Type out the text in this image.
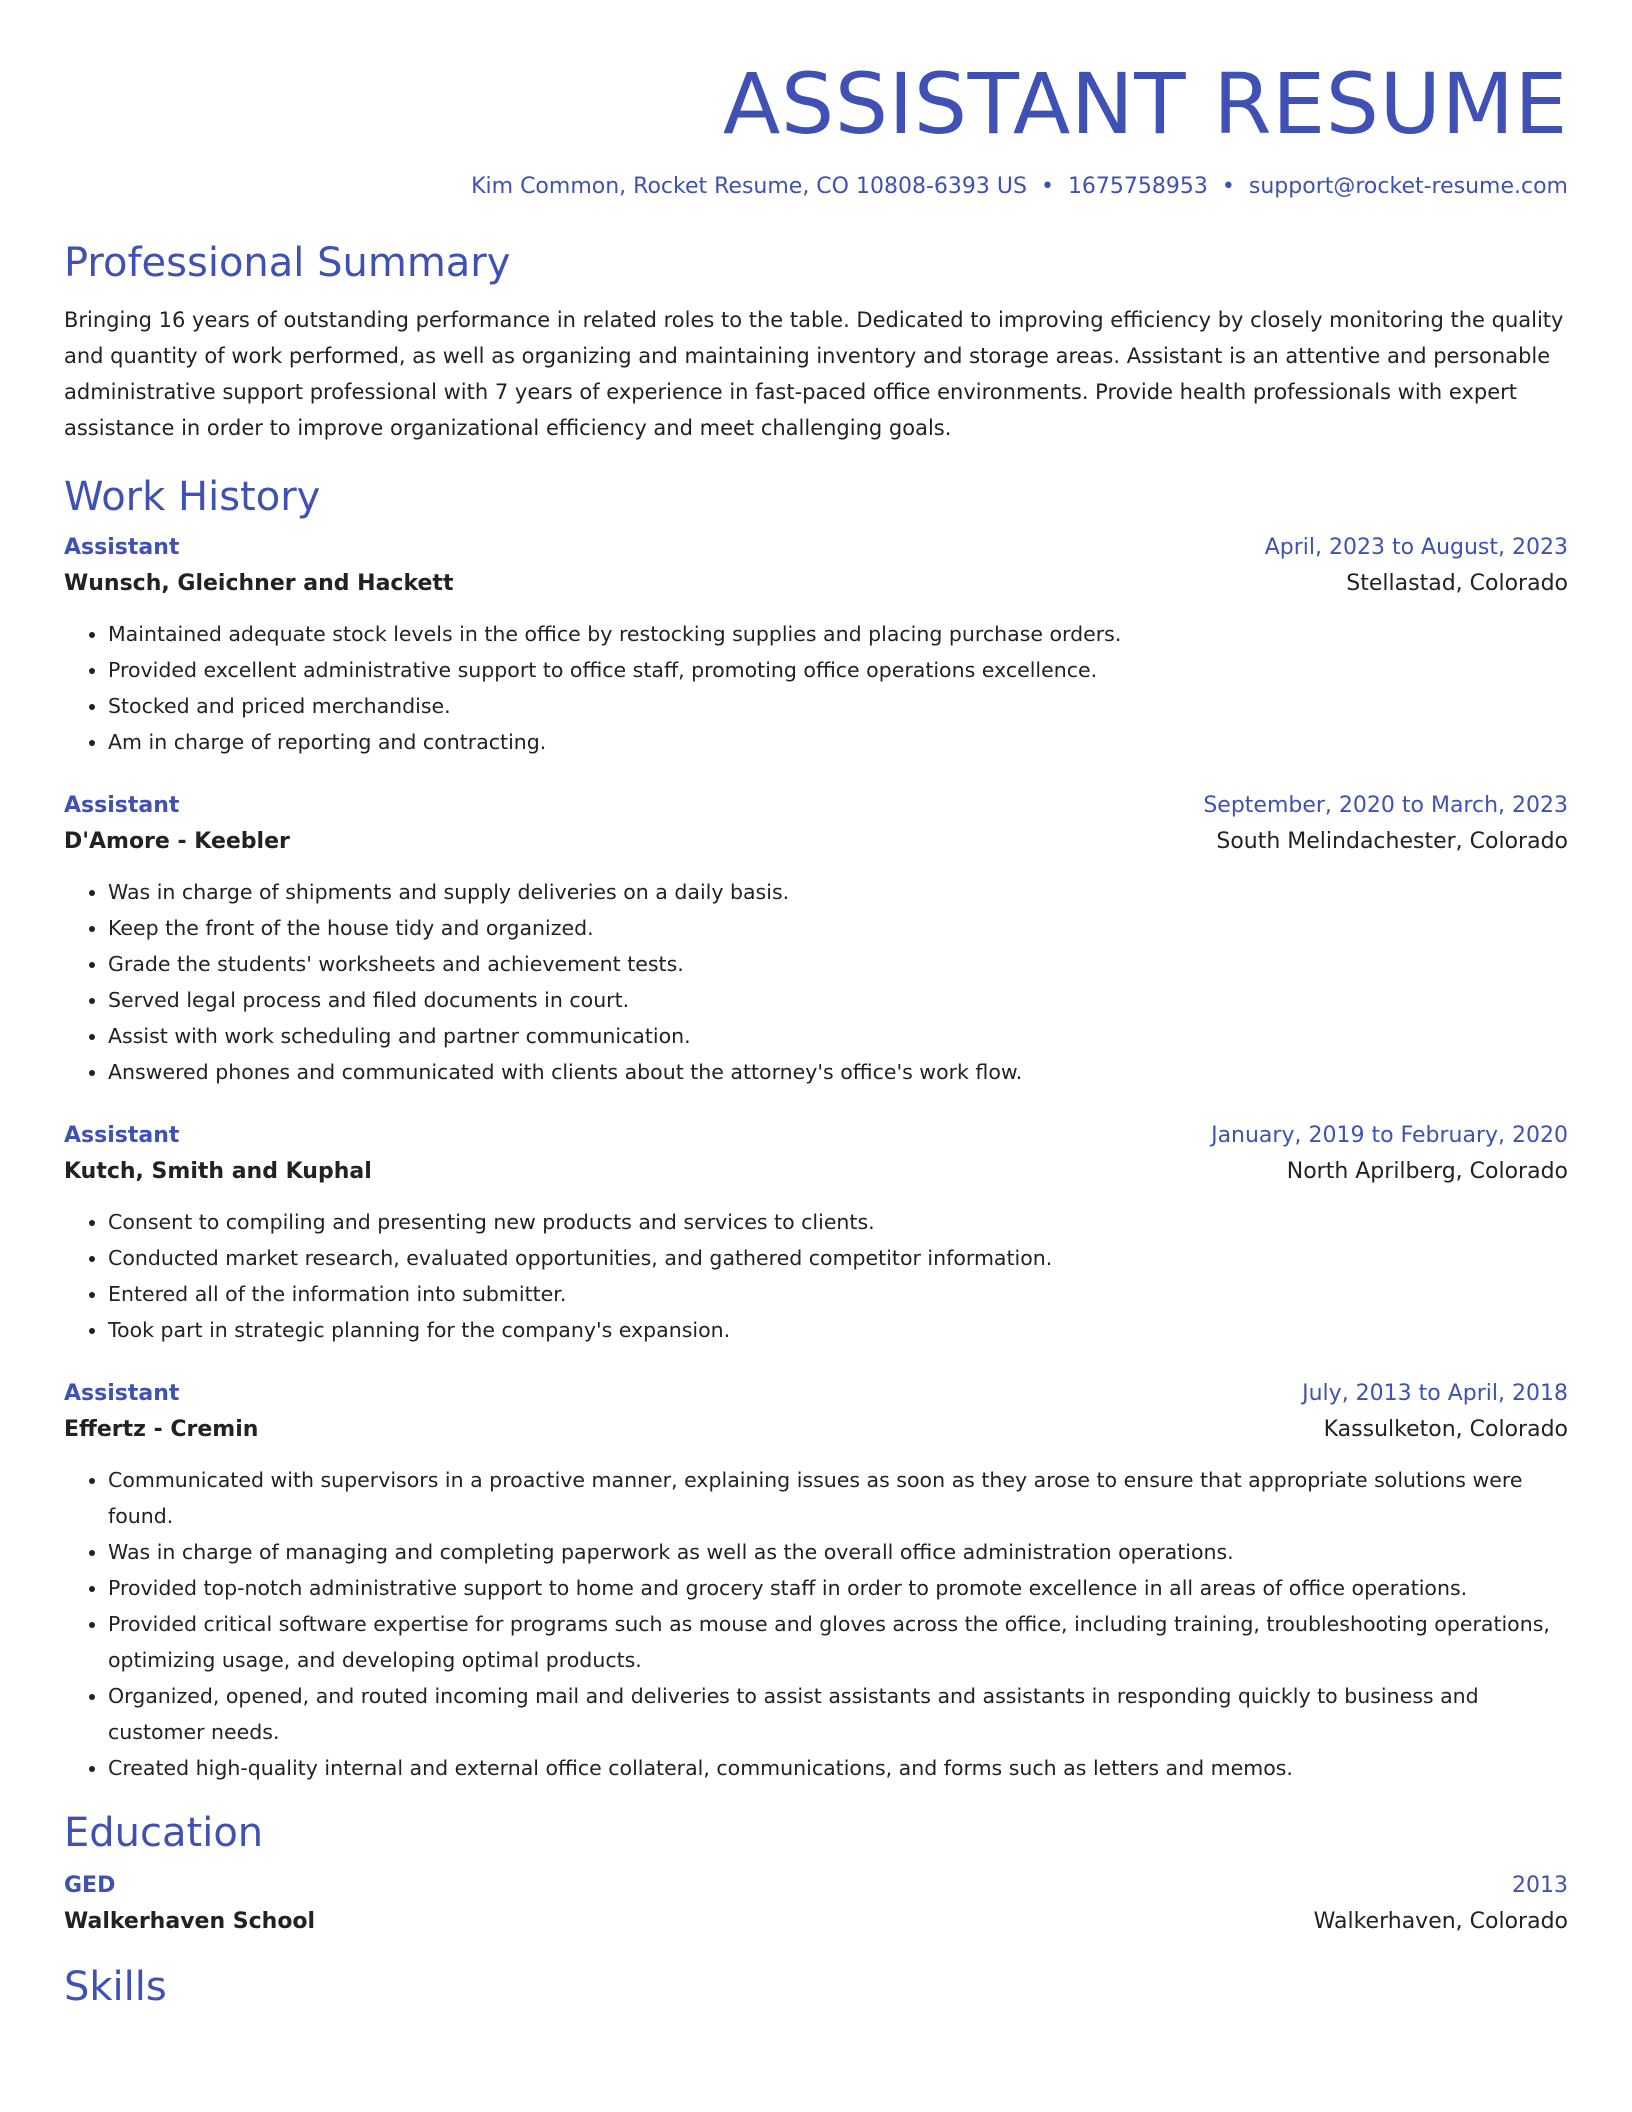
ASSISTANT RESUME
Kim Common, Rocket Resume, CO 10808-6393 US • 1675758953 • support@rocket-resume.com
Professional Summary
Bringing 16 years of outstanding performance in related roles to the table. Dedicated to improving efficiency by closely monitoring the quality and quantity of work performed, as well as organizing and maintaining inventory and storage areas. Assistant is an attentive and personable administrative support professional with 7 years of experience in fast-paced office environments. Provide health professionals with expert assistance in order to improve organizational efficiency and meet challenging goals.
Work History
Assistant	April, 2023 to August, 2023
Wunsch, Gleichner and Hackett	Stellastad, Colorado
• Maintained adequate stock levels in the office by restocking supplies and placing purchase orders.
• Provided excellent administrative support to office staff, promoting office operations excellence.
• Stocked and priced merchandise.
• Am in charge of reporting and contracting.
Assistant	September, 2020 to March, 2023
D'Amore - Keebler	South Melindachester, Colorado
• Was in charge of shipments and supply deliveries on a daily basis.
• Keep the front of the house tidy and organized.
• Grade the students' worksheets and achievement tests.
• Served legal process and filed documents in court.
• Assist with work scheduling and partner communication.
• Answered phones and communicated with clients about the attorney's office's work flow.
Assistant	January, 2019 to February, 2020
Kutch, Smith and Kuphal	North Aprilberg, Colorado
• Consent to compiling and presenting new products and services to clients.
• Conducted market research, evaluated opportunities, and gathered competitor information.
• Entered all of the information into submitter.
• Took part in strategic planning for the company's expansion.
Assistant	July, 2013 to April, 2018
Effertz - Cremin	Kassulketon, Colorado
• Communicated with supervisors in a proactive manner, explaining issues as soon as they arose to ensure that appropriate solutions were found.
• Was in charge of managing and completing paperwork as well as the overall office administration operations.
• Provided top-notch administrative support to home and grocery staff in order to promote excellence in all areas of office operations.
• Provided critical software expertise for programs such as mouse and gloves across the office, including training, troubleshooting operations, optimizing usage, and developing optimal products.
• Organized, opened, and routed incoming mail and deliveries to assist assistants and assistants in responding quickly to business and customer needs.
• Created high-quality internal and external office collateral, communications, and forms such as letters and memos.
Education
GED	2013
Walkerhaven School	Walkerhaven, Colorado
Skills
